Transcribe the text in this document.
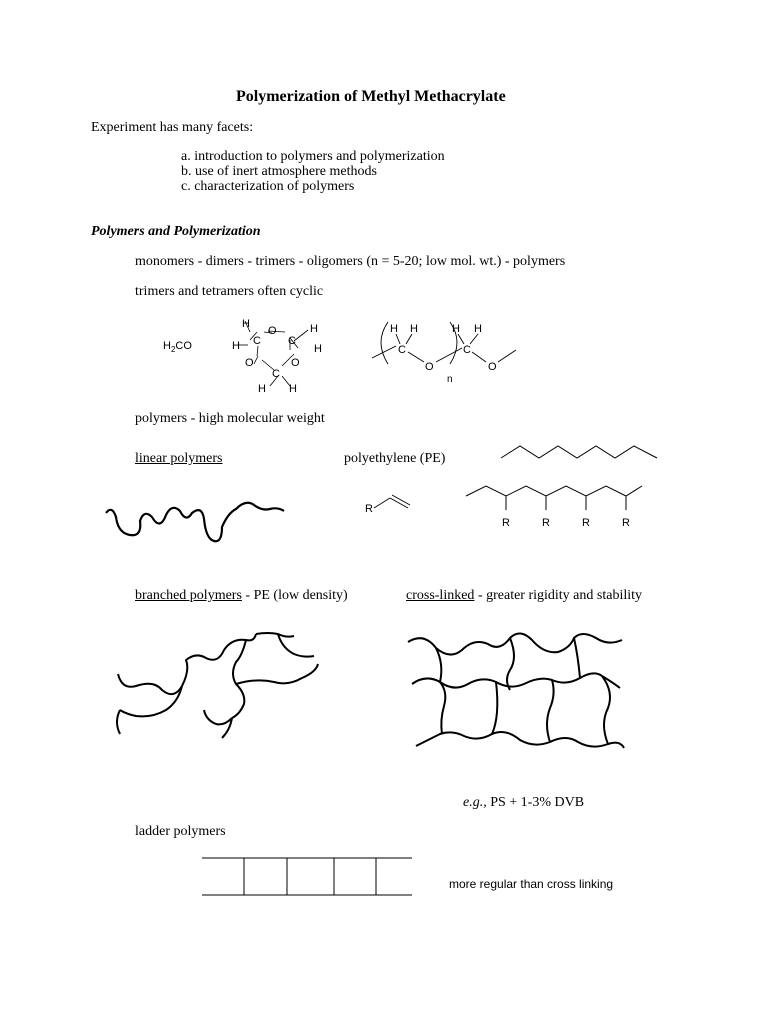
Polymerization of Methyl Methacrylate
Experiment has many facets:
a. introduction to polymers and polymerization
b. use of inert atmosphere methods
c. characterization of polymers
Polymers and Polymerization
monomers - dimers - trimers - oligomers (n = 5-20; low mol. wt.) - polymers
trimers and tetramers often cyclic
$H_2CO$
H
C
H
O
O
C
H
H
O
C
H H
H H
C
O
H H
C
O
n
polymers - high molecular weight
linear polymers	polyethylene (PE)
R
R	R	R	R
branched polymers - PE (low density)	cross-linked - greater rigidity and stability
e.g., PS + 1-3% DVB
ladder polymers
more regular than cross linking
